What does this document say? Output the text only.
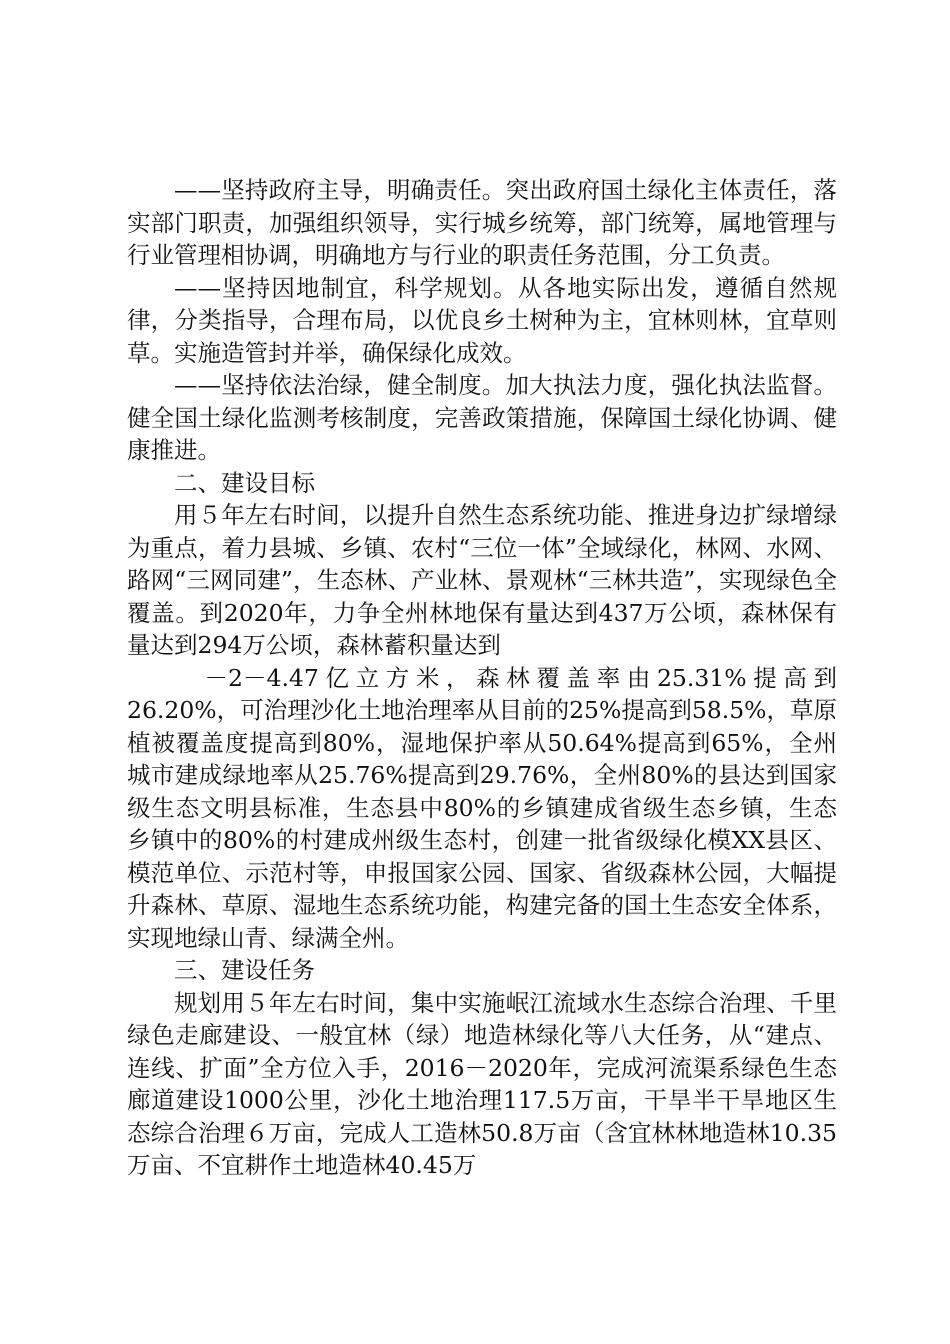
——坚持政府主导，明确责任。突出政府国土绿化主体责任，落实部门职责，加强组织领导，实行城乡统筹，部门统筹，属地管理与行业管理相协调，明确地方与行业的职责任务范围，分工负责。

——坚持因地制宜，科学规划。从各地实际出发，遵循自然规律，分类指导，合理布局，以优良乡土树种为主，宜林则林，宜草则草。实施造管封并举，确保绿化成效。

——坚持依法治绿，健全制度。加大执法力度，强化执法监督。健全国土绿化监测考核制度，完善政策措施，保障国土绿化协调、健康推进。

二、建设目标

用５年左右时间，以提升自然生态系统功能、推进身边扩绿增绿为重点，着力县城、乡镇、农村“三位一体”全域绿化，林网、水网、路网“三网同建”，生态林、产业林、景观林“三林共造”，实现绿色全覆盖。到2020年，力争全州林地保有量达到437万公顷，森林保有量达到294万公顷，森林蓄积量达到

－2－4.47亿立方米，森林覆盖率由25.31%提高到26.20%，可治理沙化土地治理率从目前的25%提高到58.5%，草原植被覆盖度提高到80%，湿地保护率从50.64%提高到65%，全州城市建成绿地率从25.76%提高到29.76%，全州80%的县达到国家级生态文明县标准，生态县中80%的乡镇建成省级生态乡镇，生态乡镇中的80%的村建成州级生态村，创建一批省级绿化模XX县区、模范单位、示范村等，申报国家公园、国家、省级森林公园，大幅提升森林、草原、湿地生态系统功能，构建完备的国土生态安全体系，实现地绿山青、绿满全州。

三、建设任务

规划用５年左右时间，集中实施岷江流域水生态综合治理、千里绿色走廊建设、一般宜林（绿）地造林绿化等八大任务，从“建点、连线、扩面”全方位入手，2016－2020年，完成河流渠系绿色生态廊道建设1000公里，沙化土地治理117.5万亩，干旱半干旱地区生态综合治理６万亩，完成人工造林50.8万亩（含宜林林地造林10.35万亩、不宜耕作土地造林40.45万
